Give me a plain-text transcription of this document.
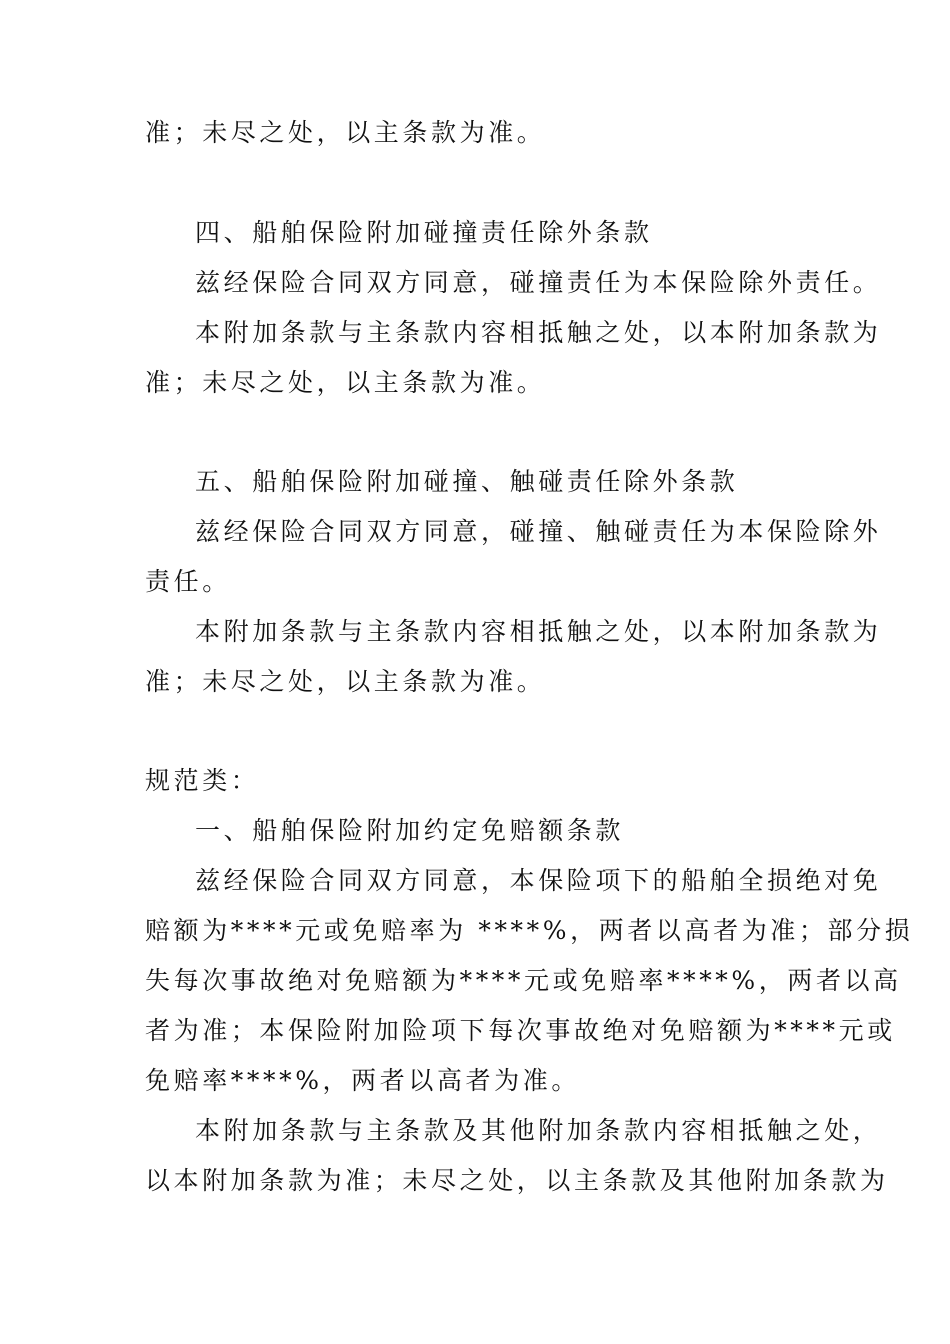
准；未尽之处，以主条款为准。
四、船舶保险附加碰撞责任除外条款
兹经保险合同双方同意，碰撞责任为本保险除外责任。
本附加条款与主条款内容相抵触之处，以本附加条款为
准；未尽之处，以主条款为准。
五、船舶保险附加碰撞、触碰责任除外条款
兹经保险合同双方同意，碰撞、触碰责任为本保险除外
责任。
本附加条款与主条款内容相抵触之处，以本附加条款为
准；未尽之处，以主条款为准。
规范类：
一、船舶保险附加约定免赔额条款
兹经保险合同双方同意，本保险项下的船舶全损绝对免
赔额为****元或免赔率为 ****%，两者以高者为准；部分损
失每次事故绝对免赔额为****元或免赔率****%，两者以高
者为准；本保险附加险项下每次事故绝对免赔额为****元或
免赔率****%，两者以高者为准。
本附加条款与主条款及其他附加条款内容相抵触之处，
以本附加条款为准；未尽之处，以主条款及其他附加条款为
